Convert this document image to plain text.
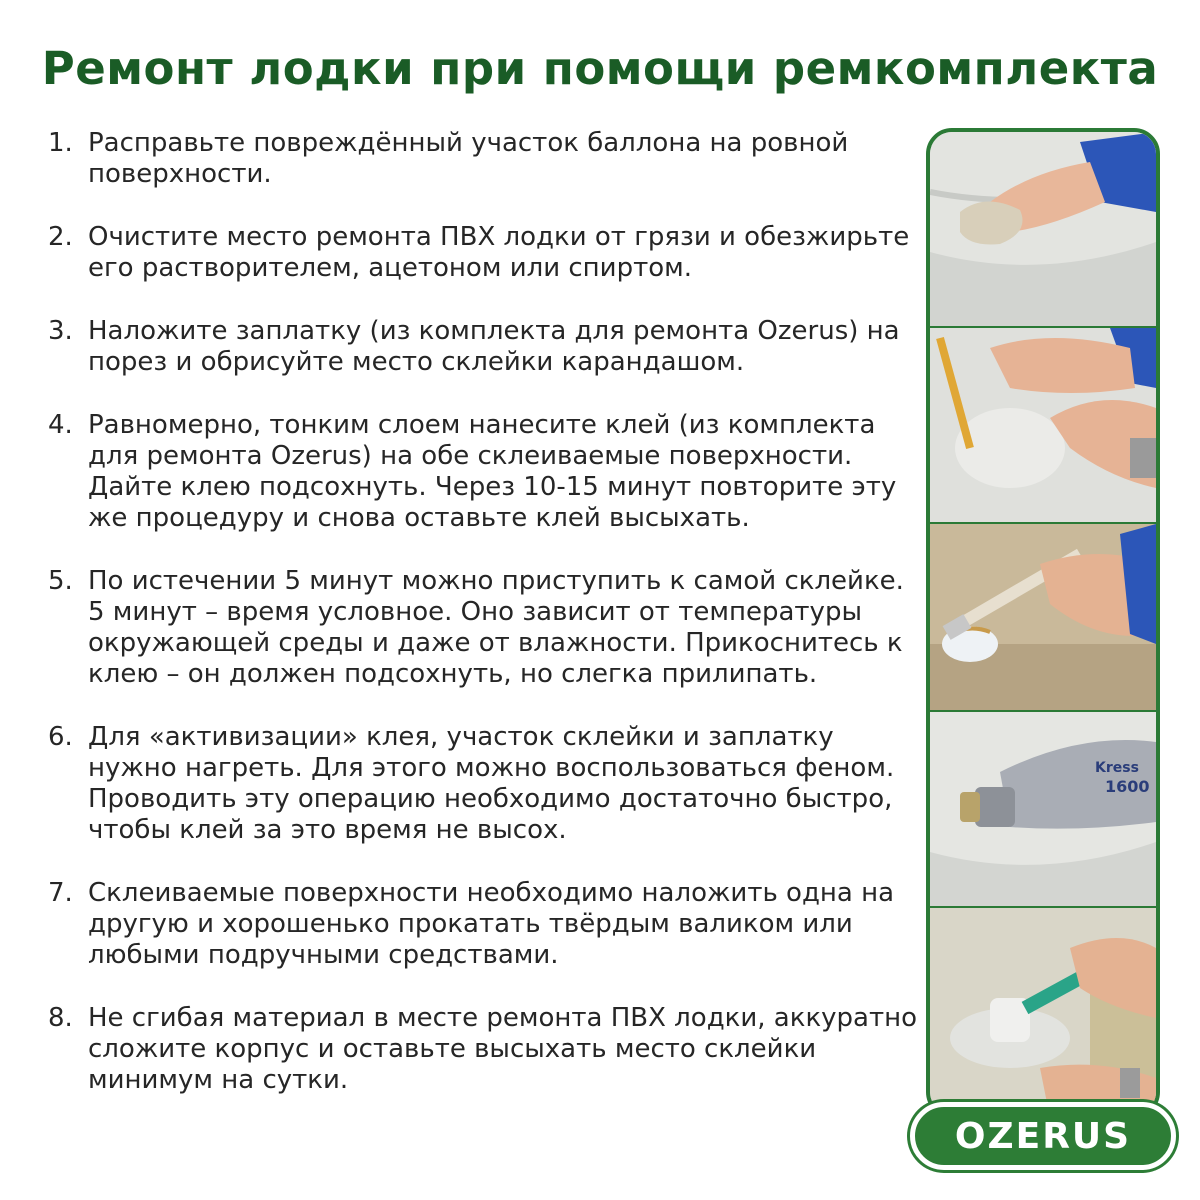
Ремонт лодки при помощи ремкомплекта
1. Расправьте повреждённый участок баллона на ровной поверхности.
2. Очистите место ремонта ПВХ лодки от грязи и обезжирьте его растворителем, ацетоном или спиртом.
3. Наложите заплатку (из комплекта для ремонта Ozerus) на порез и обрисуйте место склейки карандашом.
4. Равномерно, тонким слоем нанесите клей (из комплекта для ремонта Ozerus) на обе склеиваемые поверхности. Дайте клею подсохнуть. Через 10-15 минут повторите эту же процедуру и снова оставьте клей высыхать.
5. По истечении 5 минут можно приступить к самой склейке. 5 минут – время условное. Оно зависит от температуры окружающей среды и даже от влажности. Прикоснитесь к клею – он должен подсохнуть, но слегка прилипать.
6. Для «активизации» клея, участок склейки и заплатку нужно нагреть. Для этого можно воспользоваться феном. Проводить эту операцию необходимо достаточно быстро, чтобы клей за это время не высох.
7. Склеиваемые поверхности необходимо наложить одна на другую и хорошенько прокатать твёрдым валиком или любыми подручными средствами.
8. Не сгибая материал в месте ремонта ПВХ лодки, аккуратно сложите корпус и оставьте высыхать место склейки минимум на сутки.
Kress
1600
OZERUS
